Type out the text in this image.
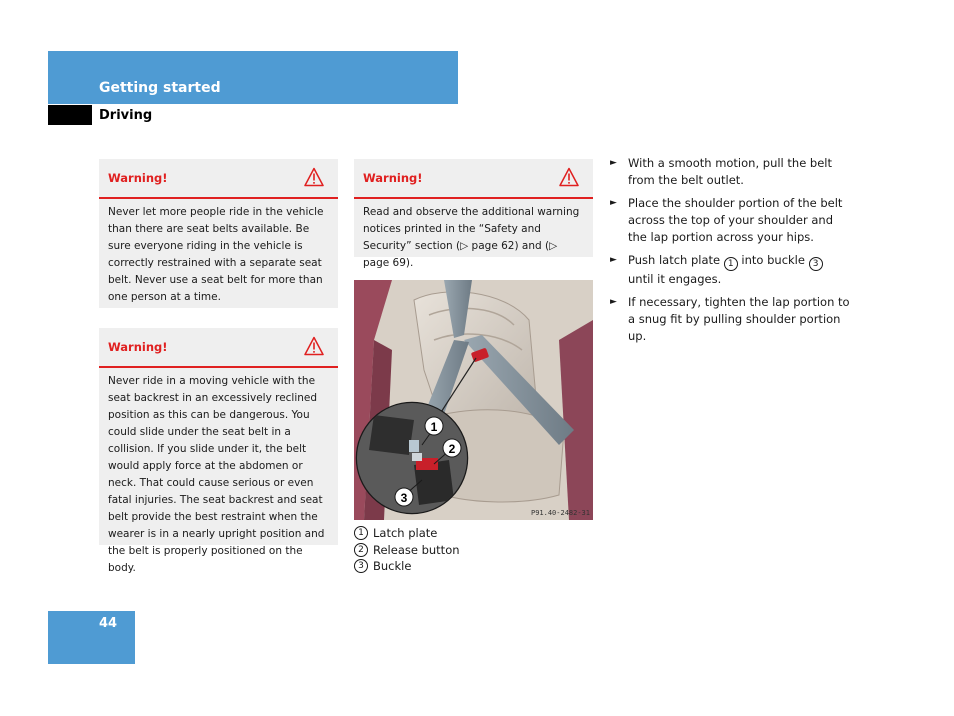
Getting started
Driving
Warning!

Never let more people ride in the vehicle than there are seat belts available. Be sure everyone riding in the vehicle is correctly restrained with a separate seat belt. Never use a seat belt for more than one person at a time.

Warning!

Never ride in a moving vehicle with the seat backrest in an excessively reclined position as this can be dangerous. You could slide under the seat belt in a collision. If you slide under it, the belt would apply force at the abdomen or neck. That could cause serious or even fatal injuries. The seat backrest and seat belt provide the best restraint when the wearer is in a nearly upright position and the belt is properly positioned on the body.

Warning!

Read and observe the additional warning notices printed in the “Safety and Security” section (▷ page 62) and (▷ page 69).

1
2
3
P91.40-2482-31
1 Latch plate
2 Release button
3 Buckle
► With a smooth motion, pull the belt from the belt outlet.
► Place the shoulder portion of the belt across the top of your shoulder and the lap portion across your hips.
► Push latch plate 1 into buckle 3 until it engages.
► If necessary, tighten the lap portion to a snug fit by pulling shoulder portion up.
44
